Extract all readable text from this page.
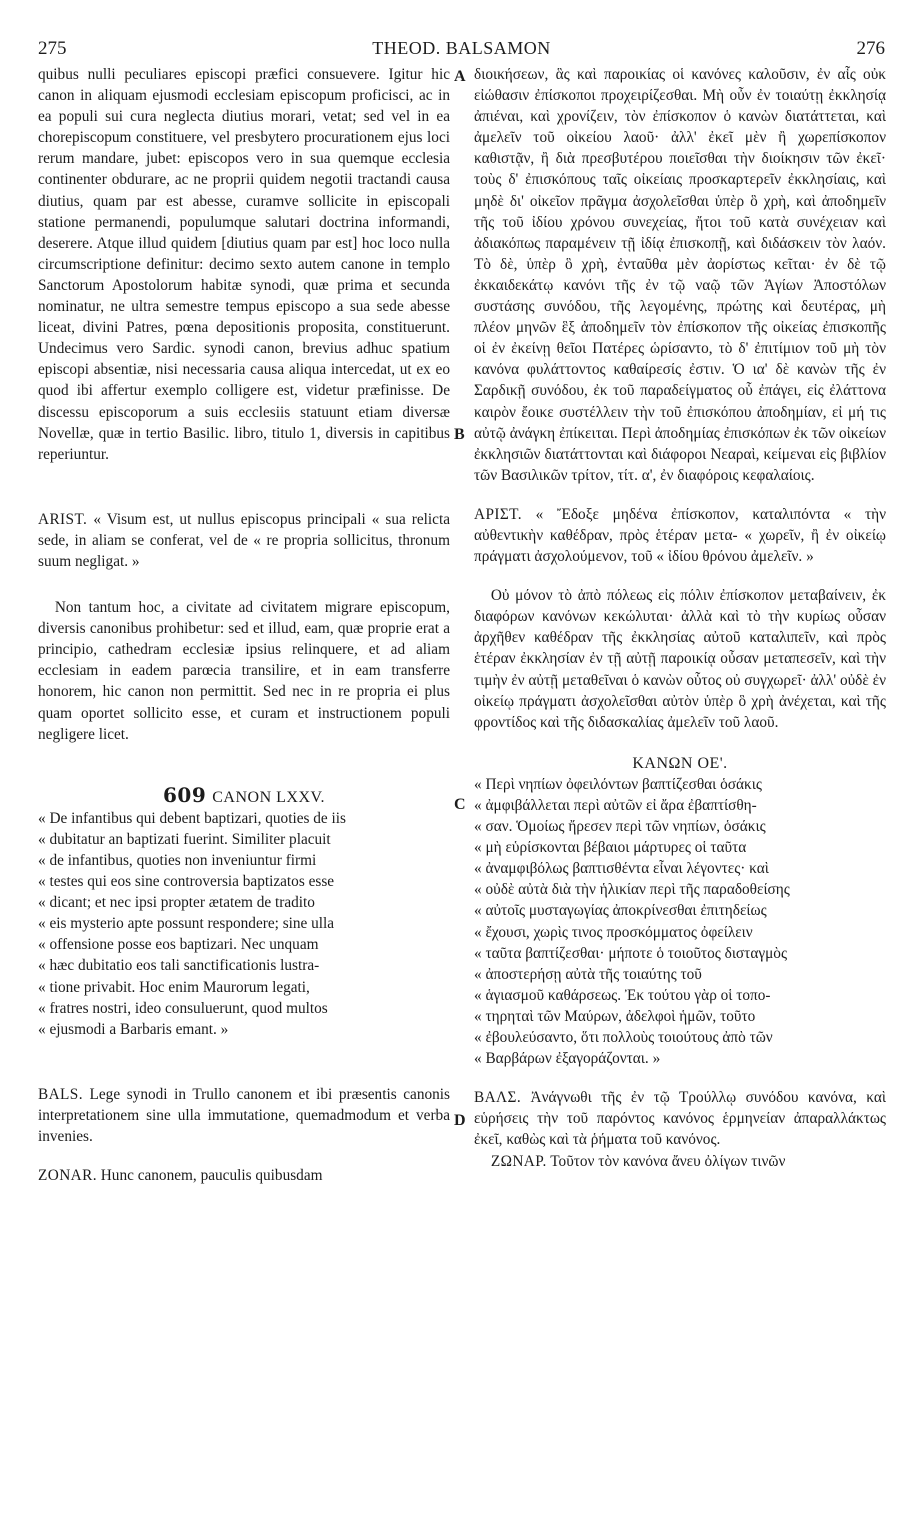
275	THEOD. BALSAMON	276
A
B
C
D

quibus nulli peculiares episcopi præfici consuevere. Igitur hic canon in aliquam ejusmodi ecclesiam episcopum proficisci, ac in ea populi sui cura neglecta diutius morari, vetat; sed vel in ea chorepiscopum constituere, vel presbytero procurationem ejus loci rerum mandare, jubet: episcopos vero in sua quemque ecclesia continenter obdurare, ac ne proprii quidem negotii tractandi causa diutius, quam par est abesse, curamve sollicite in episcopali statione permanendi, populumque salutari doctrina informandi, deserere. Atque illud quidem [diutius quam par est] hoc loco nulla circumscriptione definitur: decimo sexto autem canone in templo Sanctorum Apostolorum habitæ synodi, quæ prima et secunda nominatur, ne ultra semestre tempus episcopo a sua sede abesse liceat, divini Patres, pœna depositionis proposita, constituerunt. Undecimus vero Sardic. synodi canon, brevius adhuc spatium episcopi absentiæ, nisi necessaria causa aliqua intercedat, ut ex eo quod ibi affertur exemplo colligere est, videtur præfinisse. De discessu episcoporum a suis ecclesiis statuunt etiam diversæ Novellæ, quæ in tertio Basilic. libro, titulo 1, diversis in capitibus reperiuntur.

ARIST. « Visum est, ut nullus episcopus principali « sua relicta sede, in aliam se conferat, vel de « re propria sollicitus, thronum suum negligat. »

Non tantum hoc, a civitate ad civitatem migrare episcopum, diversis canonibus prohibetur: sed et illud, eam, quæ proprie erat a principio, cathedram ecclesiæ ipsius relinquere, et ad aliam ecclesiam in eadem parœcia transilire, et in eam transferre honorem, hic canon non permittit. Sed nec in re propria ei plus quam oportet sollicito esse, et curam et instructionem populi negligere licet.

609 CANON LXXV.

« De infantibus qui debent baptizari, quoties de iis

« dubitatur an baptizati fuerint. Similiter placuit

« de infantibus, quoties non inveniuntur firmi

« testes qui eos sine controversia baptizatos esse

« dicant; et nec ipsi propter ætatem de tradito

« eis mysterio apte possunt respondere; sine ulla

« offensione posse eos baptizari. Nec unquam

« hæc dubitatio eos tali sanctificationis lustra-

« tione privabit. Hoc enim Maurorum legati,

« fratres nostri, ideo consuluerunt, quod multos

« ejusmodi a Barbaris emant. »

BALS. Lege synodi in Trullo canonem et ibi præsentis canonis interpretationem sine ulla immutatione, quemadmodum et verba invenies.

ZONAR. Hunc canonem, pauculis quibusdam

διοικήσεων, ἃς καὶ παροικίας οἱ κανόνες καλοῦσιν, ἐν αἷς οὐκ εἰώθασιν ἐπίσκοποι προχειρίζεσθαι. Μὴ οὖν ἐν τοιαύτῃ ἐκκλησίᾳ ἀπιέναι, καὶ χρονίζειν, τὸν ἐπίσκοπον ὁ κανὼν διατάττεται, καὶ ἀμελεῖν τοῦ οἰκείου λαοῦ· ἀλλ' ἐκεῖ μὲν ἢ χωρεπίσκοπον καθιστᾷν, ἢ διὰ πρεσβυτέρου ποιεῖσθαι τὴν διοίκησιν τῶν ἐκεῖ· τοὺς δ' ἐπισκόπους ταῖς οἰκείαις προσκαρτερεῖν ἐκκλησίαις, καὶ μηδὲ δι' οἰκεῖον πρᾶγμα ἀσχολεῖσθαι ὑπὲρ ὃ χρὴ, καὶ ἀποδημεῖν τῆς τοῦ ἰδίου χρόνου συνεχείας, ἤτοι τοῦ κατὰ συνέχειαν καὶ ἀδιακόπως παραμένειν τῇ ἰδίᾳ ἐπισκοπῇ, καὶ διδάσκειν τὸν λαόν. Τὸ δὲ, ὑπὲρ ὃ χρὴ, ἐνταῦθα μὲν ἀορίστως κεῖται· ἐν δὲ τῷ ἐκκαιδεκάτῳ κανόνι τῆς ἐν τῷ ναῷ τῶν Ἁγίων Ἀποστόλων συστάσης συνόδου, τῆς λεγομένης, πρώτης καὶ δευτέρας, μὴ πλέον μηνῶν ἓξ ἀποδημεῖν τὸν ἐπίσκοπον τῆς οἰκείας ἐπισκοπῆς οἱ ἐν ἐκείνῃ θεῖοι Πατέρες ὡρίσαντο, τὸ δ' ἐπιτίμιον τοῦ μὴ τὸν κανόνα φυλάττοντος καθαίρεσίς ἐστιν. Ὁ ια' δὲ κανὼν τῆς ἐν Σαρδικῇ συνόδου, ἐκ τοῦ παραδείγματος οὗ ἐπάγει, εἰς ἐλάττονα καιρὸν ἔοικε συστέλλειν τὴν τοῦ ἐπισκόπου ἀποδημίαν, εἰ μή τις αὐτῷ ἀνάγκη ἐπίκειται. Περὶ ἀποδημίας ἐπισκόπων ἐκ τῶν οἰκείων ἐκκλησιῶν διατάττονται καὶ διάφοροι Νεαραὶ, κείμεναι εἰς βιβλίον τῶν Βασιλικῶν τρίτον, τίτ. α', ἐν διαφόροις κεφαλαίοις.

ΑΡΙΣΤ. « Ἔδοξε μηδένα ἐπίσκοπον, καταλιπόντα « τὴν αὐθεντικὴν καθέδραν, πρὸς ἑτέραν μετα- « χωρεῖν, ἢ ἐν οἰκείῳ πράγματι ἀσχολούμενον, τοῦ « ἰδίου θρόνου ἀμελεῖν. »

Οὐ μόνον τὸ ἀπὸ πόλεως εἰς πόλιν ἐπίσκοπον μεταβαίνειν, ἐκ διαφόρων κανόνων κεκώλυται· ἀλλὰ καὶ τὸ τὴν κυρίως οὖσαν ἀρχῆθεν καθέδραν τῆς ἐκκλησίας αὐτοῦ καταλιπεῖν, καὶ πρὸς ἑτέραν ἐκκλησίαν ἐν τῇ αὐτῇ παροικίᾳ οὖσαν μεταπεσεῖν, καὶ τὴν τιμὴν ἐν αὐτῇ μεταθεῖναι ὁ κανὼν οὗτος οὐ συγχωρεῖ· ἀλλ' οὐδὲ ἐν οἰκείῳ πράγματι ἀσχολεῖσθαι αὐτὸν ὑπὲρ ὃ χρὴ ἀνέχεται, καὶ τῆς φροντίδος καὶ τῆς διδασκαλίας ἀμελεῖν τοῦ λαοῦ.

ΚΑΝΩΝ ΟΕ'.

« Περὶ νηπίων ὀφειλόντων βαπτίζεσθαι ὁσάκις

« ἀμφιβάλλεται περὶ αὐτῶν εἰ ἄρα ἐβαπτίσθη-

« σαν. Ὁμοίως ἤρεσεν περὶ τῶν νηπίων, ὁσάκις

« μὴ εὑρίσκονται βέβαιοι μάρτυρες οἱ ταῦτα

« ἀναμφιβόλως βαπτισθέντα εἶναι λέγοντες· καὶ

« οὐδὲ αὐτὰ διὰ τὴν ἡλικίαν περὶ τῆς παραδοθείσης

« αὐτοῖς μυσταγωγίας ἀποκρίνεσθαι ἐπιτηδείως

« ἔχουσι, χωρὶς τινος προσκόμματος ὀφείλειν

« ταῦτα βαπτίζεσθαι· μήποτε ὁ τοιοῦτος δισταγμὸς

« ἀποστερήσῃ αὐτὰ τῆς τοιαύτης τοῦ

« ἁγιασμοῦ καθάρσεως. Ἐκ τούτου γὰρ οἱ τοπο-

« τηρηταὶ τῶν Μαύρων, ἀδελφοὶ ἡμῶν, τοῦτο

« ἐβουλεύσαντο, ὅτι πολλοὺς τοιούτους ἀπὸ τῶν

« Βαρβάρων ἐξαγοράζονται. »

ΒΑΛΣ. Ἀνάγνωθι τῆς ἐν τῷ Τρούλλῳ συνόδου κανόνα, καὶ εὑρήσεις τὴν τοῦ παρόντος κανόνος ἑρμηνείαν ἀπαραλλάκτως ἐκεῖ, καθὼς καὶ τὰ ῥήματα τοῦ κανόνος.

ΖΩΝΑΡ. Τοῦτον τὸν κανόνα ἄνευ ὀλίγων τινῶν
